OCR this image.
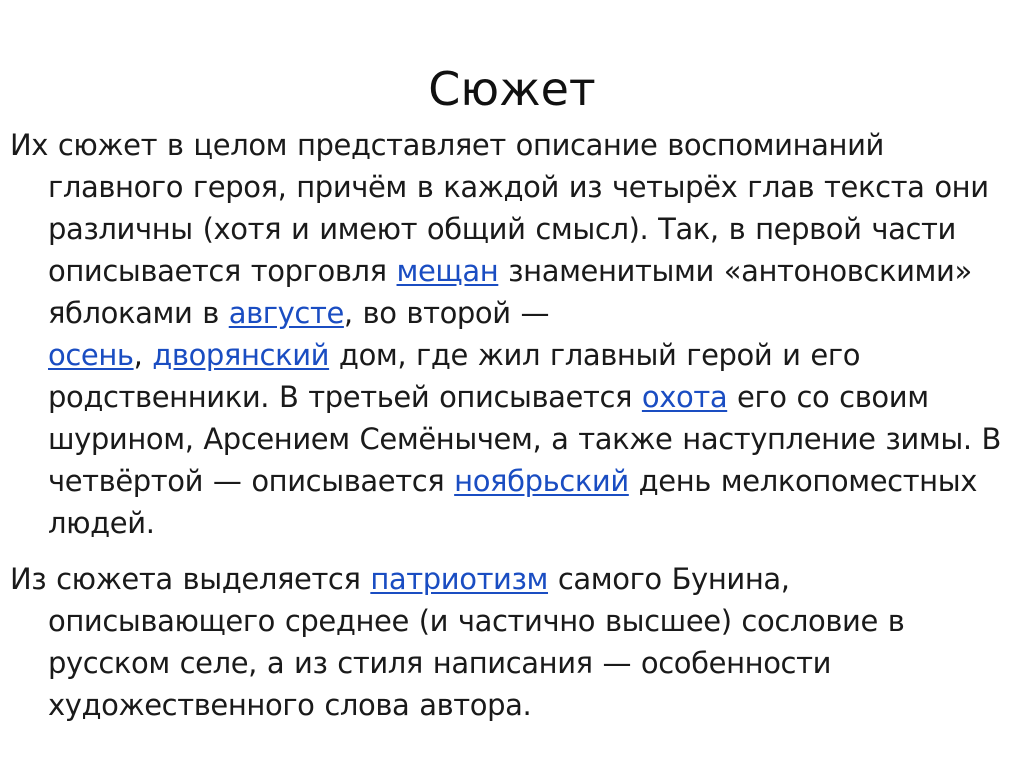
Сюжет

Их сюжет в целом представляет описание воспоминаний главного героя, причём в каждой из четырёх глав текста они различны (хотя и имеют общий смысл). Так, в первой части описывается торговля мещан знаменитыми «антоновскими» яблоками в августе, во второй —
осень, дворянский дом, где жил главный герой и его родственники. В третьей описывается охота его со своим шурином, Арсением Семёнычем, а также наступление зимы. В четвёртой — описывается ноябрьский день мелкопоместных людей.

Из сюжета выделяется патриотизм самого Бунина, описывающего среднее (и частично высшее) сословие в русском селе, а из стиля написания — особенности художественного слова автора.
